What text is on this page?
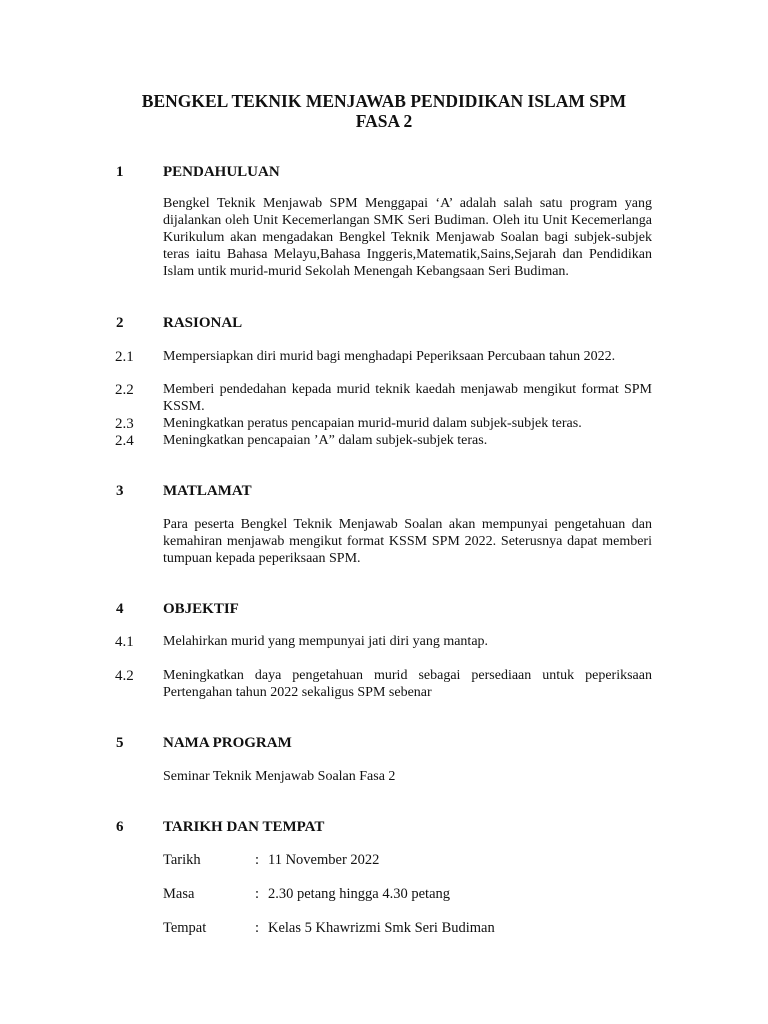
BENGKEL TEKNIK MENJAWAB PENDIDIKAN ISLAM SPM
FASA 2
1	PENDAHULUAN
Bengkel Teknik Menjawab SPM Menggapai ‘A’ adalah salah satu program yang dijalankan oleh Unit Kecemerlangan SMK Seri Budiman. Oleh itu Unit Kecemerlanga Kurikulum akan mengadakan Bengkel Teknik Menjawab Soalan bagi subjek-subjek teras iaitu Bahasa Melayu,Bahasa Inggeris,Matematik,Sains,Sejarah dan Pendidikan Islam untik murid-murid Sekolah Menengah Kebangsaan Seri Budiman.
2	RASIONAL
2.1 Mempersiapkan diri murid bagi menghadapi Peperiksaan Percubaan tahun 2022.
2.2 Memberi pendedahan kepada murid teknik kaedah menjawab mengikut format SPM KSSM.
2.3 Meningkatkan peratus pencapaian murid-murid dalam subjek-subjek teras.
2.4 Meningkatkan pencapaian ’A” dalam subjek-subjek teras.
3	MATLAMAT
Para peserta Bengkel Teknik Menjawab Soalan akan mempunyai pengetahuan dan kemahiran menjawab mengikut format KSSM SPM 2022. Seterusnya dapat memberi tumpuan kepada peperiksaan SPM.
4	OBJEKTIF
4.1 Melahirkan murid yang mempunyai jati diri yang mantap.
4.2 Meningkatkan daya pengetahuan murid sebagai persediaan untuk peperiksaan Pertengahan tahun 2022 sekaligus SPM sebenar
5	NAMA PROGRAM
Seminar Teknik Menjawab Soalan Fasa 2
6	TARIKH DAN TEMPAT
Tarikh	: 11 November 2022
Masa	: 2.30 petang hingga 4.30 petang
Tempat	: Kelas 5 Khawrizmi Smk Seri Budiman
